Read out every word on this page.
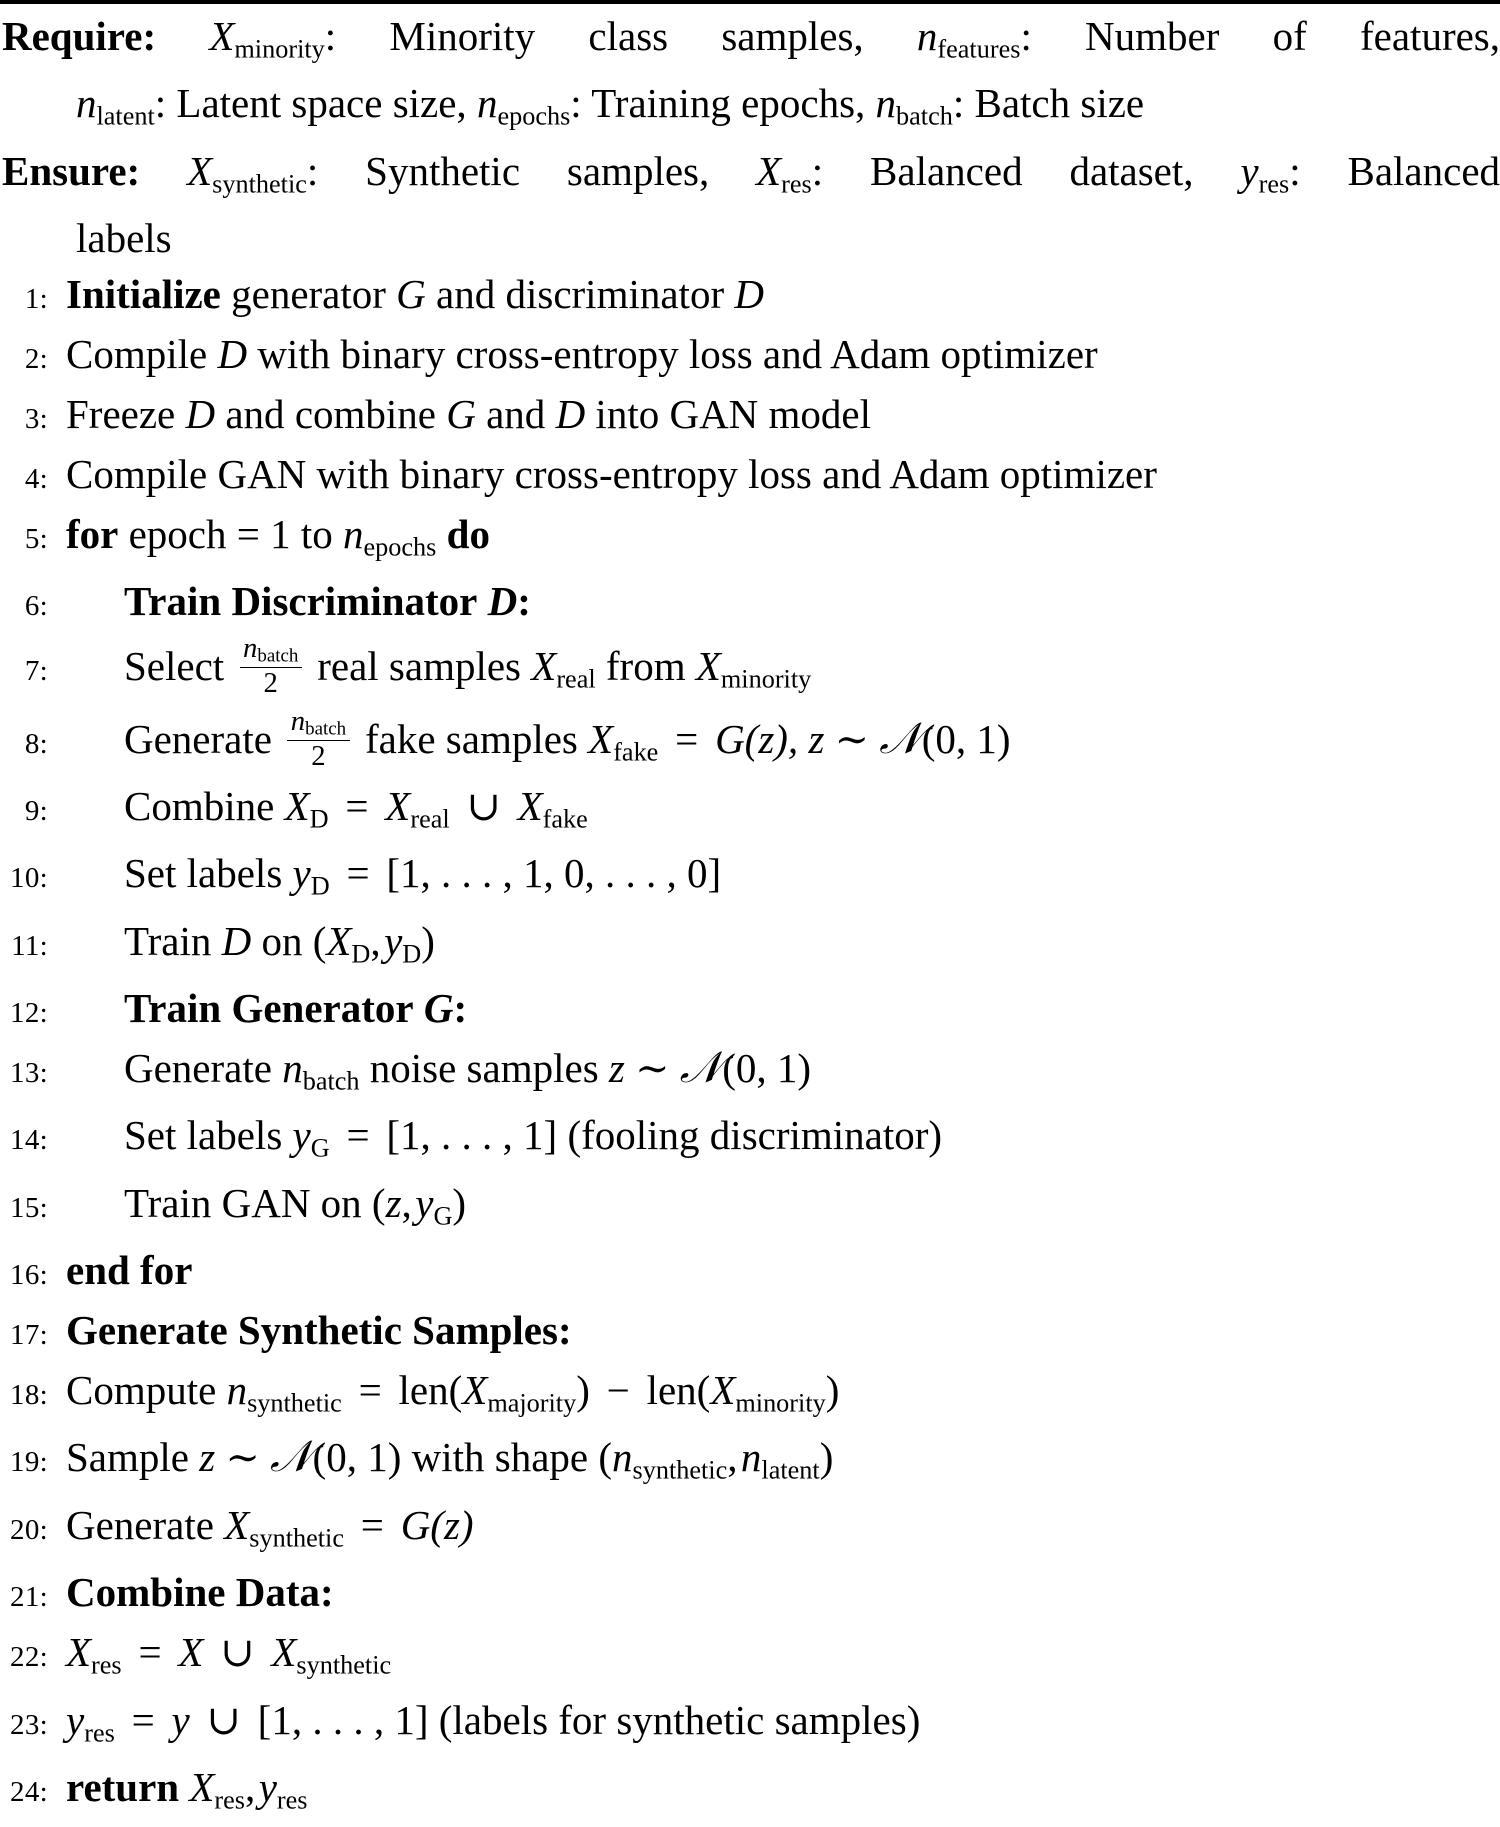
Require: $X_{minority}$: Minority class samples, $n_{features}$: Number of features,
$n_{latent}$: Latent space size, $n_{epochs}$: Training epochs, $n_{batch}$: Batch size
Ensure: $X_{synthetic}$: Synthetic samples, $X_{res}$: Balanced dataset, $y_{res}$: Balanced
labels
1: Initialize generator G and discriminator D
2: Compile D with binary cross-entropy loss and Adam optimizer
3: Freeze D and combine G and D into GAN model
4: Compile GAN with binary cross-entropy loss and Adam optimizer
5: for epoch = 1 to $n_{epochs}$ do
6:	Train Discriminator D:
7:	Select $\frac{n_{batch}}{2}$ real samples $X_{real}$ from $X_{minority}$
8:	Generate $\frac{n_{batch}}{2}$ fake samples $X_{fake} = G(z)$, z ∼ 𝒩(0, 1)
9:	Combine $X_D = X_{real}$ ∪ $X_{fake}$
10:	Set labels $y_D = [1$, . . . , 1, 0, . . . , 0]
11:	Train D on ($X_D$, $y_D$)
12:	Train Generator G:
13:	Generate $n_{batch}$ noise samples z ∼ 𝒩(0, 1)
14:	Set labels $y_G = [1$, . . . , 1] (fooling discriminator)
15:	Train GAN on (z, $y_G$)
16: end for
17: Generate Synthetic Samples:
18: Compute $n_{synthetic} = len(X_{majority}) - len(X_{minority})$
19: Sample z ∼ 𝒩(0, 1) with shape ($n_{synthetic}$, $n_{latent}$)
20: Generate $X_{synthetic} = G(z)$
21: Combine Data:
22: $X_{res} = X$ ∪ $X_{synthetic}$
23: $y_{res} = y$ ∪ [1, . . . , 1] (labels for synthetic samples)
24: return $X_{res}$, $y_{res}$
